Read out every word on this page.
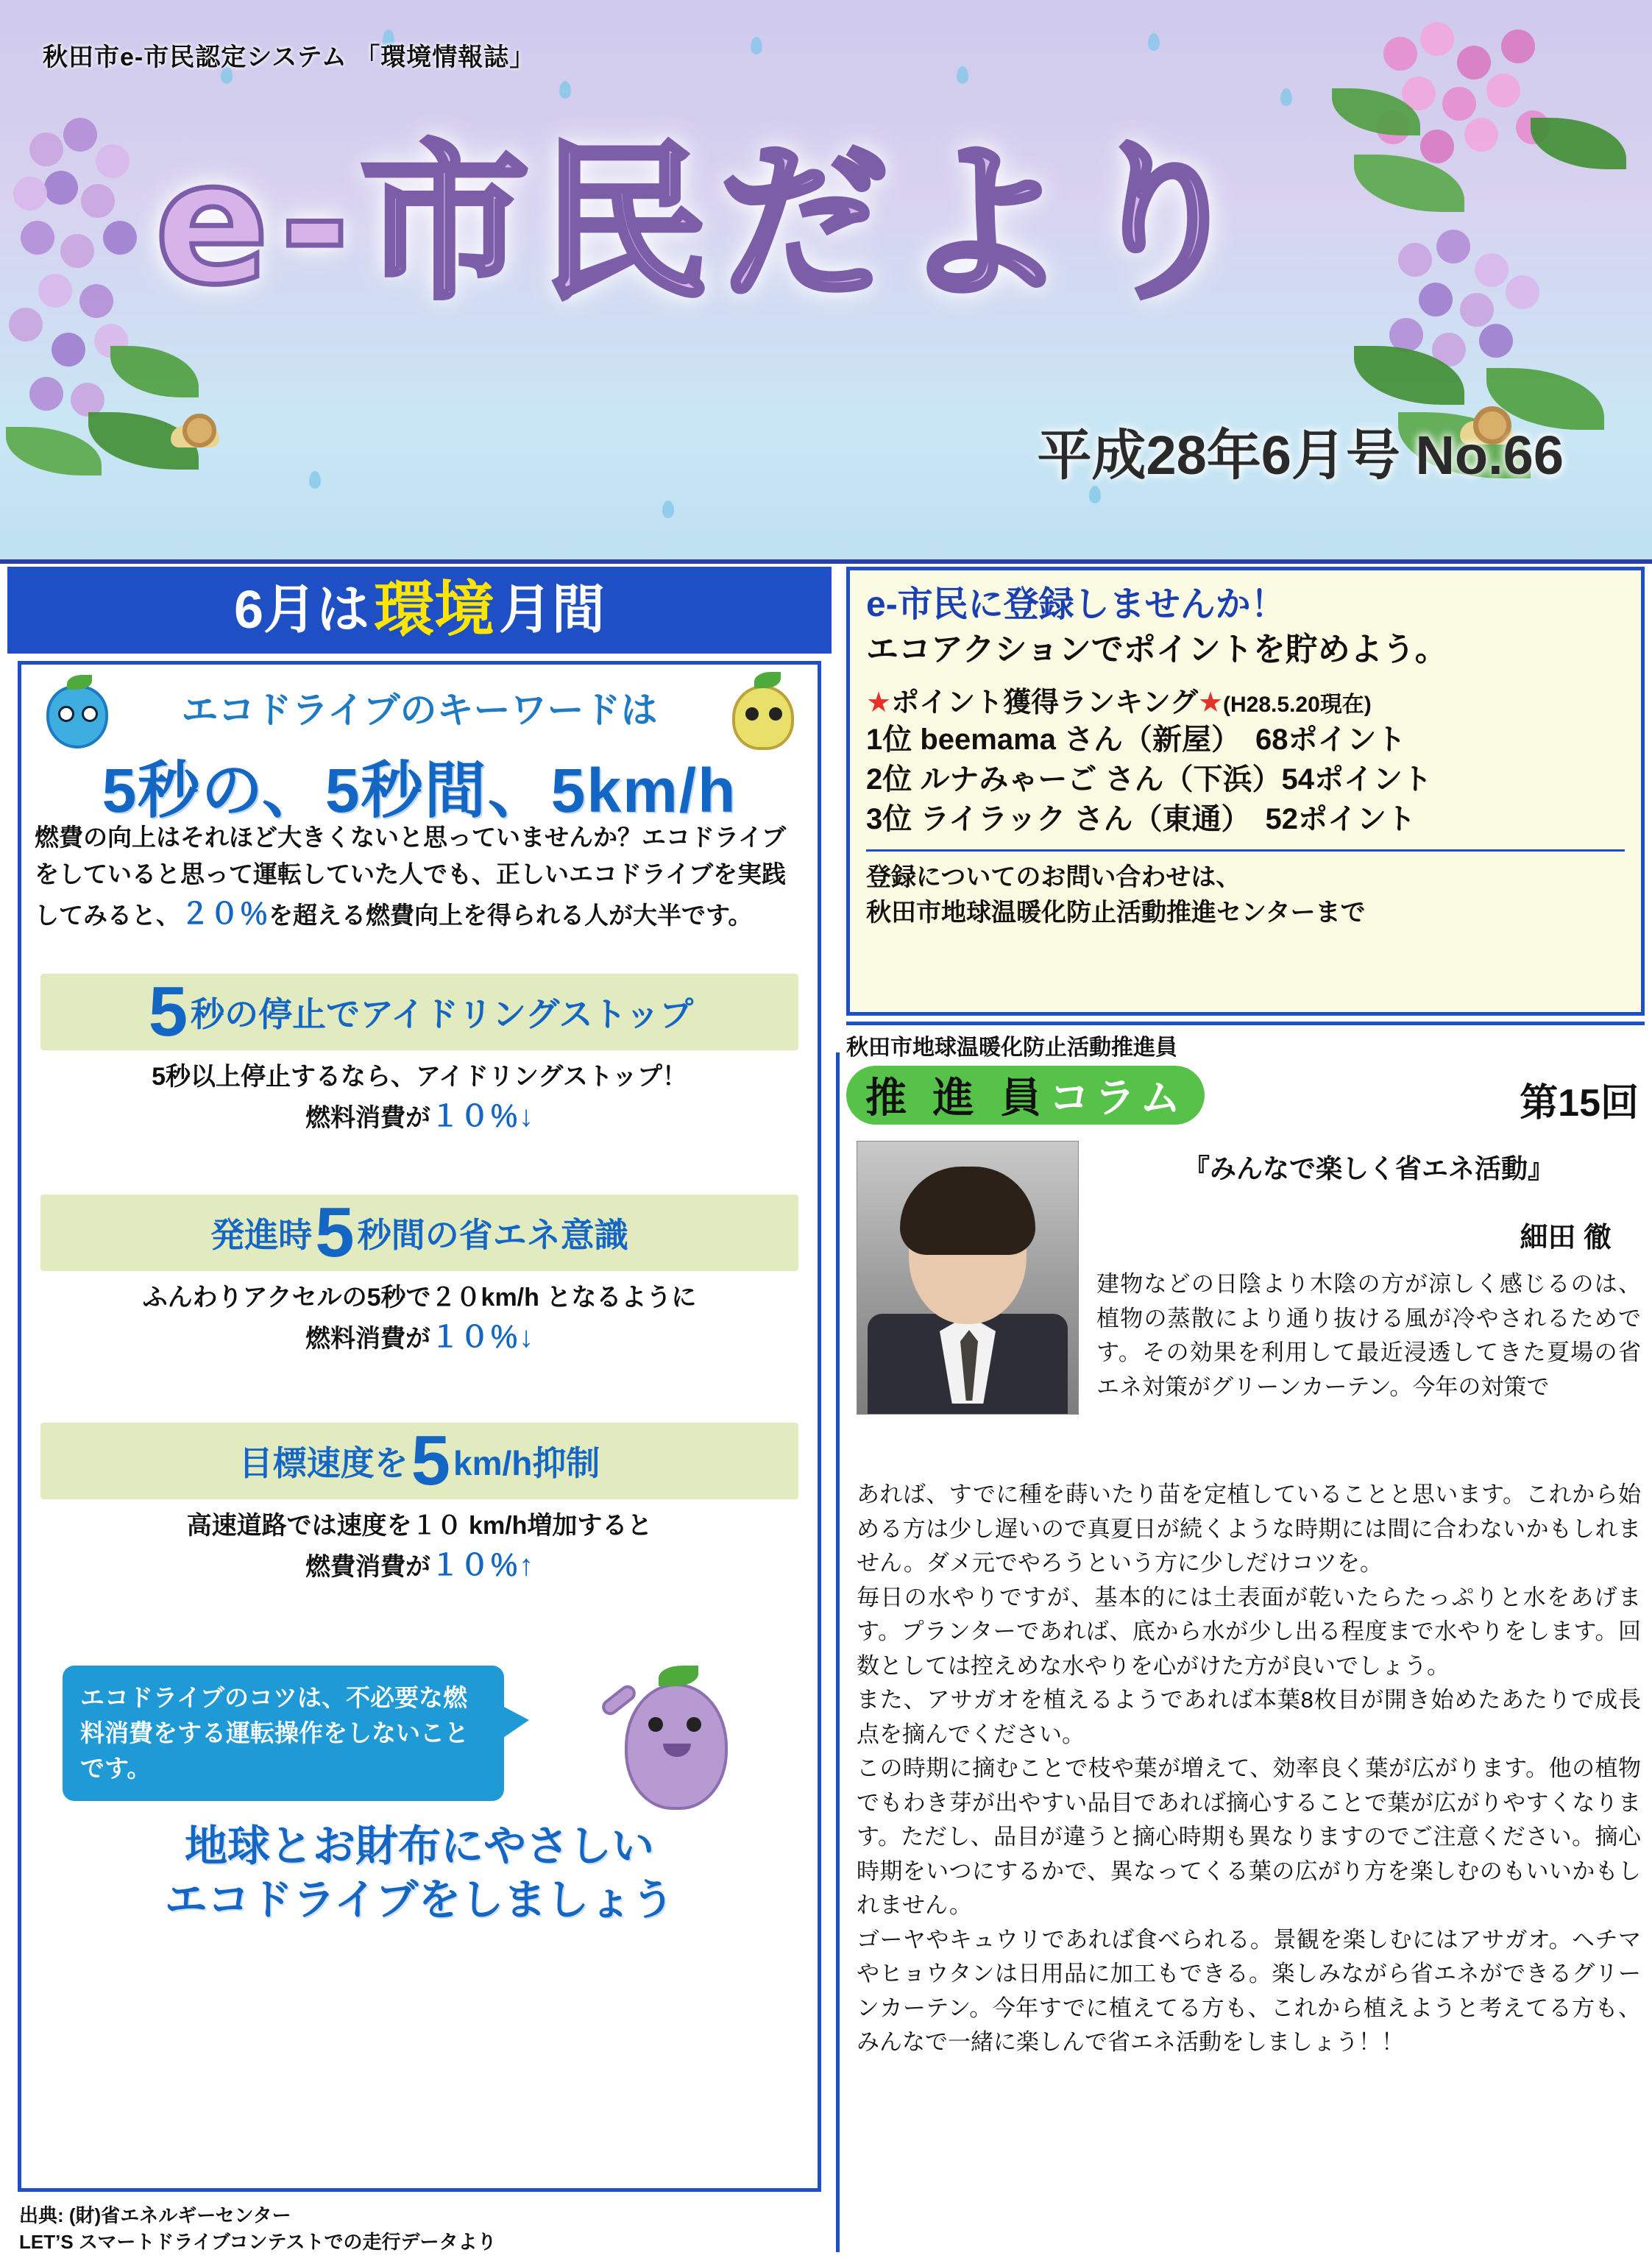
秋田市e-市民認定システム 「環境情報誌」
e-市民だより
平成28年6月号 No.66
6月は 環境 月間
エコドライブのキーワードは
5秒の、5秒間、5km/h
燃費の向上はそれほど大きくないと思っていませんか？エコドライブをしていると思って運転していた人でも、正しいエコドライブを実践してみると、２０％を超える燃費向上を得られる人が大半です。
5 秒の停止でアイドリングストップ
5秒以上停止するなら、アイドリングストップ！
燃料消費が１０％↓
発進時 5 秒間の省エネ意識
ふんわりアクセルの5秒で２０km/h となるように
燃料消費が１０％↓
目標速度を 5 km/h抑制
高速道路では速度を１０ km/h増加すると
燃費消費が１０％↑
エコドライブのコツは、不必要な燃料消費をする運転操作をしないことです。
地球とお財布にやさしい
エコドライブをしましょう
出典: (財)省エネルギーセンター
LET’S スマートドライブコンテストでの走行データより
e-市民に登録しませんか！
エコアクションでポイントを貯めよう。
★ポイント獲得ランキング★(H28.5.20現在)
1位 beemama さん（新屋）　68ポイント
2位 ルナみゃーご さん（下浜）54ポイント
3位 ライラック さん（東通）　52ポイント
登録についてのお問い合わせは、
秋田市地球温暖化防止活動推進センターまで
秋田市地球温暖化防止活動推進員
推 進 員 コラム	第15回
『みんなで楽しく省エネ活動』
細田 徹
建物などの日陰より木陰の方が涼しく感じるのは、植物の蒸散により通り抜ける風が冷やされるためです。その効果を利用して最近浸透してきた夏場の省エネ対策がグリーンカーテン。今年の対策で

あれば、すでに種を蒔いたり苗を定植していることと思います。これから始める方は少し遅いので真夏日が続くような時期には間に合わないかもしれません。ダメ元でやろうという方に少しだけコツを。

毎日の水やりですが、基本的には土表面が乾いたらたっぷりと水をあげます。プランターであれば、底から水が少し出る程度まで水やりをします。回数としては控えめな水やりを心がけた方が良いでしょう。

また、アサガオを植えるようであれば本葉8枚目が開き始めたあたりで成長点を摘んでください。

この時期に摘むことで枝や葉が増えて、効率良く葉が広がります。他の植物でもわき芽が出やすい品目であれば摘心することで葉が広がりやすくなります。ただし、品目が違うと摘心時期も異なりますのでご注意ください。摘心時期をいつにするかで、異なってくる葉の広がり方を楽しむのもいいかもしれません。

ゴーヤやキュウリであれば食べられる。景観を楽しむにはアサガオ。ヘチマやヒョウタンは日用品に加工もできる。楽しみながら省エネができるグリーンカーテン。今年すでに植えてる方も、これから植えようと考えてる方も、みんなで一緒に楽しんで省エネ活動をしましょう！！
